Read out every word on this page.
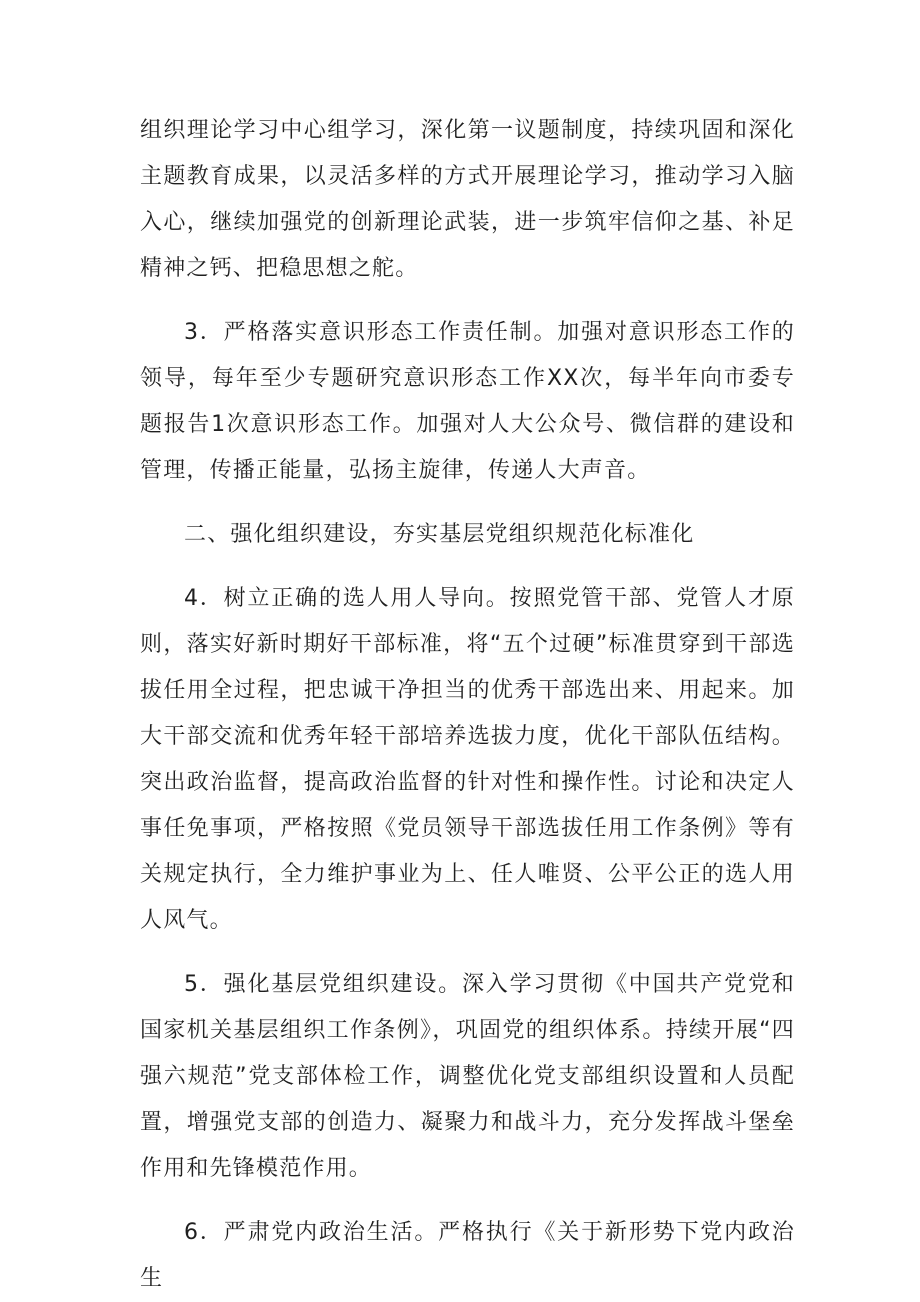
组织理论学习中心组学习，深化第一议题制度，持续巩固和深化主题教育成果，以灵活多样的方式开展理论学习，推动学习入脑入心，继续加强党的创新理论武装，进一步筑牢信仰之基、补足精神之钙、把稳思想之舵。

3．严格落实意识形态工作责任制。加强对意识形态工作的领导，每年至少专题研究意识形态工作XX次，每半年向市委专题报告1次意识形态工作。加强对人大公众号、微信群的建设和管理，传播正能量，弘扬主旋律，传递人大声音。

二、强化组织建设，夯实基层党组织规范化标准化

4．树立正确的选人用人导向。按照党管干部、党管人才原则，落实好新时期好干部标准，将“五个过硬”标准贯穿到干部选拔任用全过程，把忠诚干净担当的优秀干部选出来、用起来。加大干部交流和优秀年轻干部培养选拔力度，优化干部队伍结构。突出政治监督，提高政治监督的针对性和操作性。讨论和决定人事任免事项，严格按照《党员领导干部选拔任用工作条例》等有关规定执行，全力维护事业为上、任人唯贤、公平公正的选人用人风气。

5．强化基层党组织建设。深入学习贯彻《中国共产党党和国家机关基层组织工作条例》，巩固党的组织体系。持续开展“四强六规范”党支部体检工作，调整优化党支部组织设置和人员配置，增强党支部的创造力、凝聚力和战斗力，充分发挥战斗堡垒作用和先锋模范作用。

6．严肃党内政治生活。严格执行《关于新形势下党内政治生
